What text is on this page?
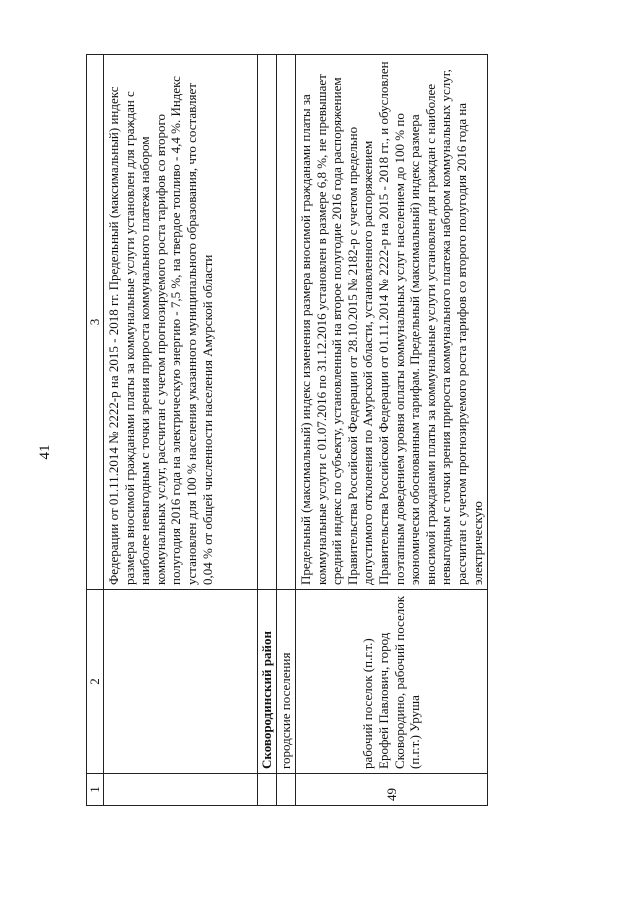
41
1	2	3

		Федерации от 01.11.2014 № 2222-р на 2015 - 2018 гг. Предельный (максимальный) индекс размера вносимой гражданами платы за коммунальные услуги установлен для граждан с наиболее невыгодным с точки зрения прироста коммунального платежа набором коммунальных услуг, рассчитан с учетом прогнозируемого роста тарифов со второго полугодия 2016 года на электрическую энергию - 7,5 %, на твердое топливо - 4,4 %. Индекс установлен для 100 % населения указанного муниципального образования, что составляет 0,04 % от общей численности населения Амурской области

	Сковородинский район	
	городские поселения	
49	рабочий поселок (п.г.т.) Ерофей Павлович, город Сковородино, рабочий поселок (п.г.т.) Уруша	Предельный (максимальный) индекс изменения размера вносимой гражданами платы за коммунальные услуги с 01.07.2016 по 31.12.2016 установлен в размере 6,8 %, не превышает средний индекс по субъекту, установленный на второе полугодие 2016 года распоряжением Правительства Российской Федерации от 28.10.2015 № 2182-р с учетом предельно допустимого отклонения по Амурской области, установленного распоряжением Правительства Российской Федерации от 01.11.2014 № 2222-р на 2015 - 2018 гг., и обусловлен поэтапным доведением уровня оплаты коммунальных услуг населением до 100 % по экономически обоснованным тарифам. Предельный (максимальный) индекс размера вносимой гражданами платы за коммунальные услуги установлен для граждан с наиболее невыгодным с точки зрения прироста коммунального платежа набором коммунальных услуг, рассчитан с учетом прогнозируемого роста тарифов со второго полугодия 2016 года на электрическую
